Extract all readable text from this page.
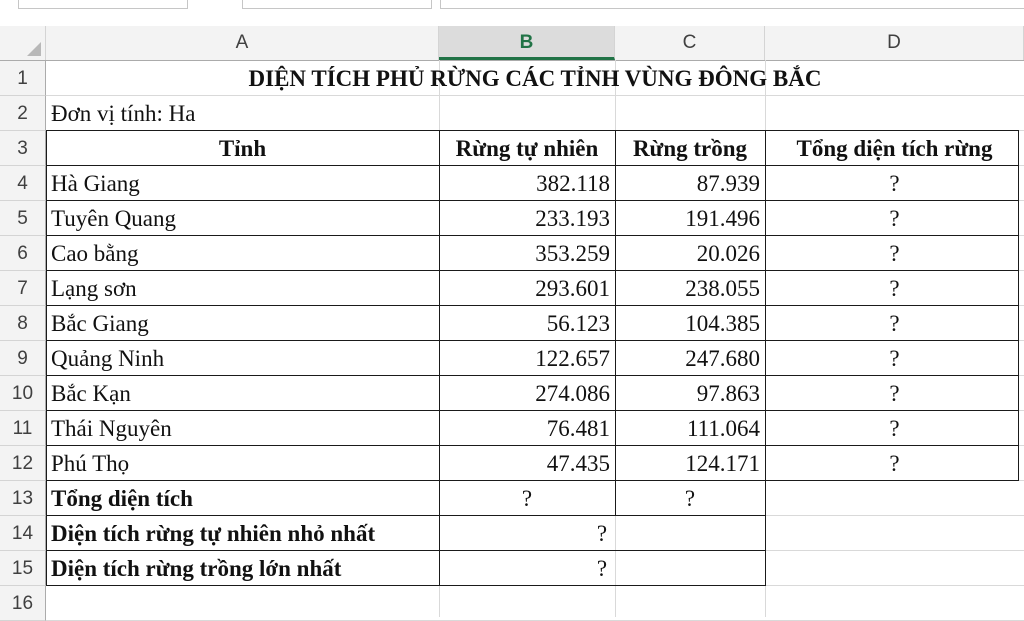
A	B	C	D
1
2
3
4
5
6
7
8
9
10
11
12
13
14
15
16
DIỆN TÍCH PHỦ RỪNG CÁC TỈNH VÙNG ĐÔNG BẮC
Đơn vị tính: Ha
Tỉnh	Rừng tự nhiên	Rừng trồng	Tổng diện tích rừng
Hà Giang	382.118	87.939	?
Tuyên Quang	233.193	191.496	?
Cao bằng	353.259	20.026	?
Lạng sơn	293.601	238.055	?
Bắc Giang	56.123	104.385	?
Quảng Ninh	122.657	247.680	?
Bắc Kạn	274.086	97.863	?
Thái Nguyên	76.481	111.064	?
Phú Thọ	47.435	124.171	?
Tổng diện tích	?	?
Diện tích rừng tự nhiên nhỏ nhất	?
Diện tích rừng trồng lớn nhất	?
